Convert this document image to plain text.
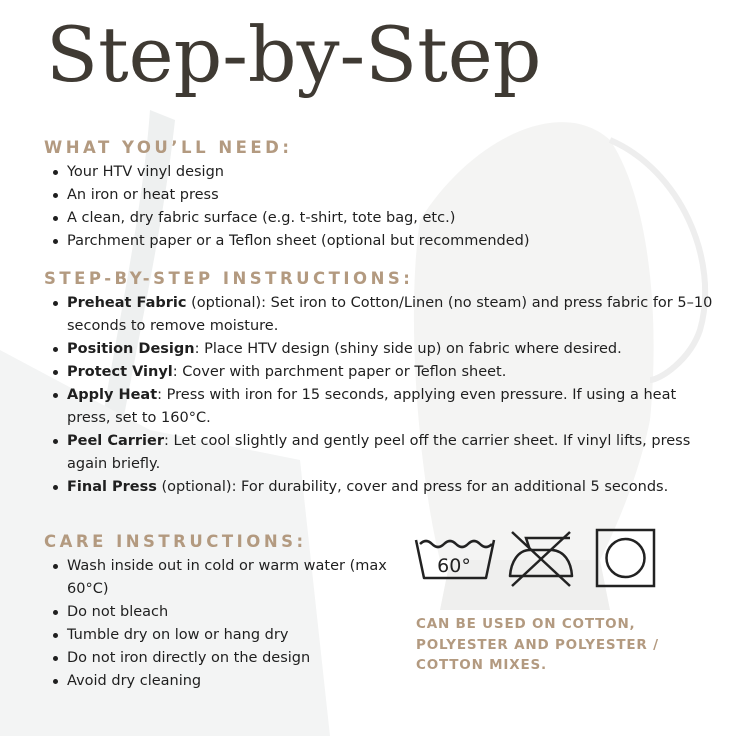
Step-by-Step
WHAT YOU’LL NEED:
Your HTV vinyl design
An iron or heat press
A clean, dry fabric surface (e.g. t-shirt, tote bag, etc.)
Parchment paper or a Teflon sheet (optional but recommended)
STEP-BY-STEP INSTRUCTIONS:
Preheat Fabric (optional): Set iron to Cotton/Linen (no steam) and press fabric for 5–10 seconds to remove moisture.
Position Design: Place HTV design (shiny side up) on fabric where desired.
Protect Vinyl: Cover with parchment paper or Teflon sheet.
Apply Heat: Press with iron for 15 seconds, applying even pressure. If using a heat press, set to 160°C.
Peel Carrier: Let cool slightly and gently peel off the carrier sheet. If vinyl lifts, press again briefly.
Final Press (optional): For durability, cover and press for an additional 5 seconds.
CARE INSTRUCTIONS:
Wash inside out in cold or warm water (max 60°C)
Do not bleach
Tumble dry on low or hang dry
Do not iron directly on the design
Avoid dry cleaning
60°
CAN BE USED ON COTTON, POLYESTER AND POLYESTER / COTTON MIXES.
